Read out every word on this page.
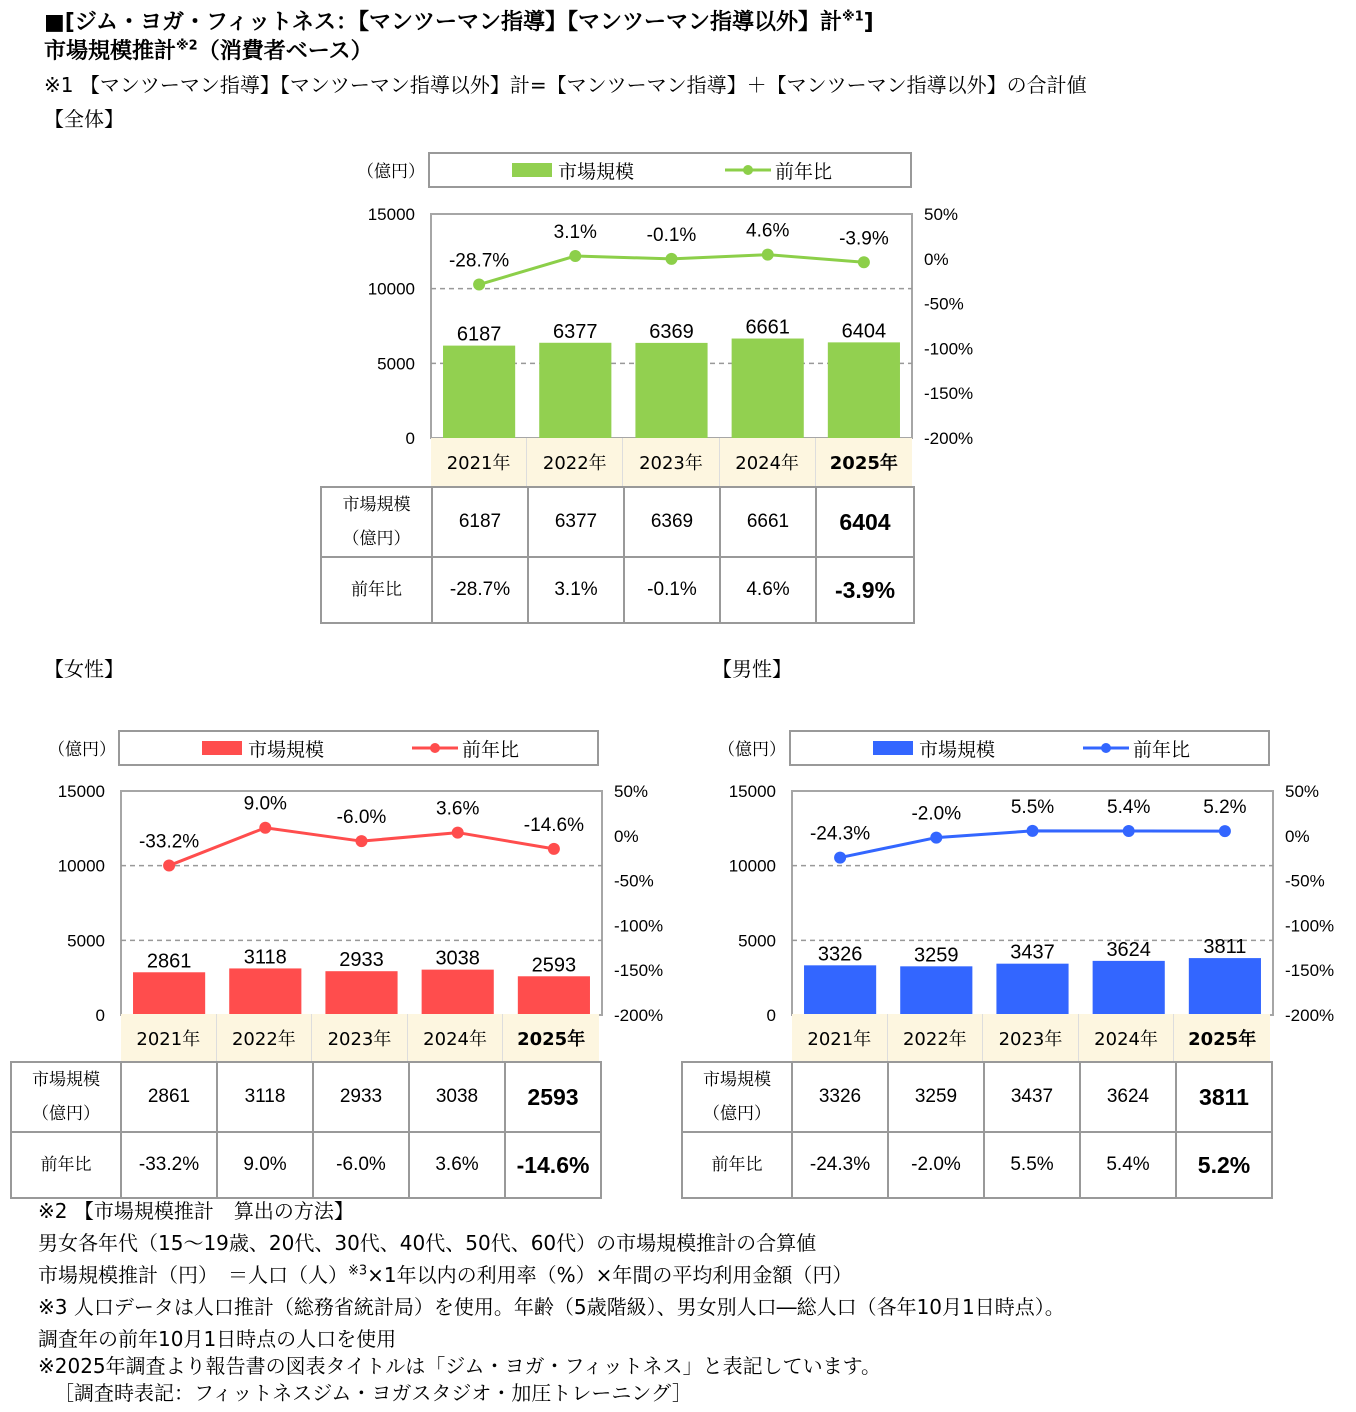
■[ジム・ヨガ・フィットネス：【マンツーマン指導】【マンツーマン指導以外】計$^{※1}$]
市場規模推計$^{※2}$（消費者ベース）
※1 【マンツーマン指導】【マンツーマン指導以外】計=【マンツーマン指導】＋【マンツーマン指導以外】の合計値
【全体】
【女性】	【男性】
（億円）	市場規模	前年比
15000
10000
5000
0
50%
0%
-50%
-100%
-150%
-200%
6187	6377	6369	6661	6404
-28.7%
3.1%	-0.1%	4.6%	-3.9%
2021年	2022年	2023年	2024年	2025年
市場規模
（億円）	6187	6377	6369	6661	6404
前年比	-28.7%	3.1%	-0.1%	4.6%	-3.9%
（億円）	市場規模	前年比
15000
10000
5000
0
50%
0%
-50%
-100%
-150%
-200%
2861	3118	2933	3038	2593
-33.2%
9.0%
-6.0%	3.6%
-14.6%
2021年	2022年	2023年	2024年	2025年
市場規模
（億円）	2861	3118	2933	3038	2593
前年比	-33.2%	9.0%	-6.0%	3.6%	-14.6%
（億円）	市場規模	前年比
15000
10000
5000
0
50%
0%
-50%
-100%
-150%
-200%
3326	3259	3437	3624	3811
-24.3%
-2.0%	5.5%	5.4%	5.2%
2021年	2022年	2023年	2024年	2025年
市場規模
（億円）	3326	3259	3437	3624	3811
前年比	-24.3%	-2.0%	5.5%	5.4%	5.2%
※2 【市場規模推計　算出の方法】
男女各年代（15～19歳、20代、30代、40代、50代、60代）の市場規模推計の合算値
市場規模推計（円）　＝人口（人）$^{※3}$×1年以内の利用率（%）×年間の平均利用金額（円）
※3 人口データは人口推計（総務省統計局）を使用。年齢（5歳階級）、男女別人口―総人口（各年10月1日時点）。
調査年の前年10月1日時点の人口を使用
※2025年調査より報告書の図表タイトルは「ジム・ヨガ・フィットネス」と表記しています。
［調査時表記：フィットネスジム・ヨガスタジオ・加圧トレーニング］
